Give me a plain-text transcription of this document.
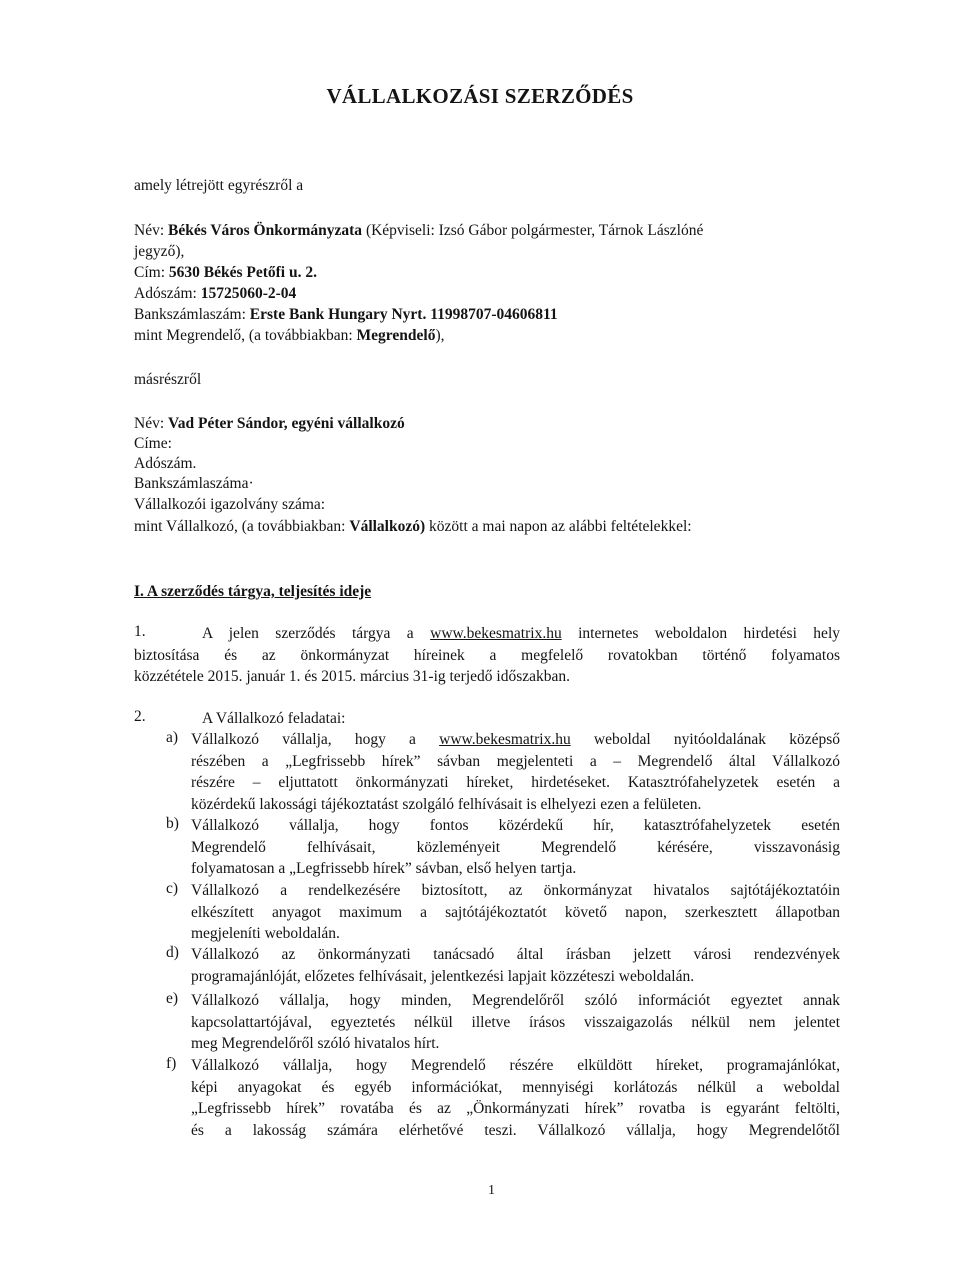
VÁLLALKOZÁSI SZERZŐDÉS
amely létrejött egyrészről a
Név: Békés Város Önkormányzata (Képviseli: Izsó Gábor polgármester, Tárnok Lászlóné
jegyző),
Cím: 5630 Békés Petőfi u. 2.
Adószám: 15725060-2-04
Bankszámlaszám: Erste Bank Hungary Nyrt. 11998707-04606811
mint Megrendelő, (a továbbiakban: Megrendelő),
másrészről
Név: Vad Péter Sándor, egyéni vállalkozó
Címe:
Adószám.
Bankszámlaszáma·
Vállalkozói igazolvány száma:
mint Vállalkozó, (a továbbiakban: Vállalkozó) között a mai napon az alábbi feltételekkel:
I. A szerződés tárgya, teljesítés ideje
1.	A jelen szerződés tárgya a www.bekesmatrix.hu internetes weboldalon hirdetési hely
biztosítása és az önkormányzat híreinek a megfelelő rovatokban történő folyamatos
közzététele 2015. január 1. és 2015. március 31-ig terjedő időszakban.
2.	A Vállalkozó feladatai:
a) Vállalkozó vállalja, hogy a www.bekesmatrix.hu weboldal nyitóoldalának középső
részében a „Legfrissebb hírek” sávban megjelenteti a – Megrendelő által Vállalkozó
részére – eljuttatott önkormányzati híreket, hirdetéseket. Katasztrófahelyzetek esetén a
közérdekű lakossági tájékoztatást szolgáló felhívásait is elhelyezi ezen a felületen.
b) Vállalkozó vállalja, hogy fontos közérdekű hír, katasztrófahelyzetek esetén
Megrendelő felhívásait, közleményeit Megrendelő kérésére, visszavonásig
folyamatosan a „Legfrissebb hírek” sávban, első helyen tartja.
c) Vállalkozó a rendelkezésére biztosított, az önkormányzat hivatalos sajtótájékoztatóin
elkészített anyagot maximum a sajtótájékoztatót követő napon, szerkesztett állapotban
megjeleníti weboldalán.
d) Vállalkozó az önkormányzati tanácsadó által írásban jelzett városi rendezvények
programajánlóját, előzetes felhívásait, jelentkezési lapjait közzéteszi weboldalán.
e) Vállalkozó vállalja, hogy minden, Megrendelőről szóló információt egyeztet annak
kapcsolattartójával, egyeztetés nélkül illetve írásos visszaigazolás nélkül nem jelentet
meg Megrendelőről szóló hivatalos hírt.
f) Vállalkozó vállalja, hogy Megrendelő részére elküldött híreket, programajánlókat,
képi anyagokat és egyéb információkat, mennyiségi korlátozás nélkül a weboldal
„Legfrissebb hírek” rovatába és az „Önkormányzati hírek” rovatba is egyaránt feltölti,
és a lakosság számára elérhetővé teszi. Vállalkozó vállalja, hogy Megrendelőtől
1
